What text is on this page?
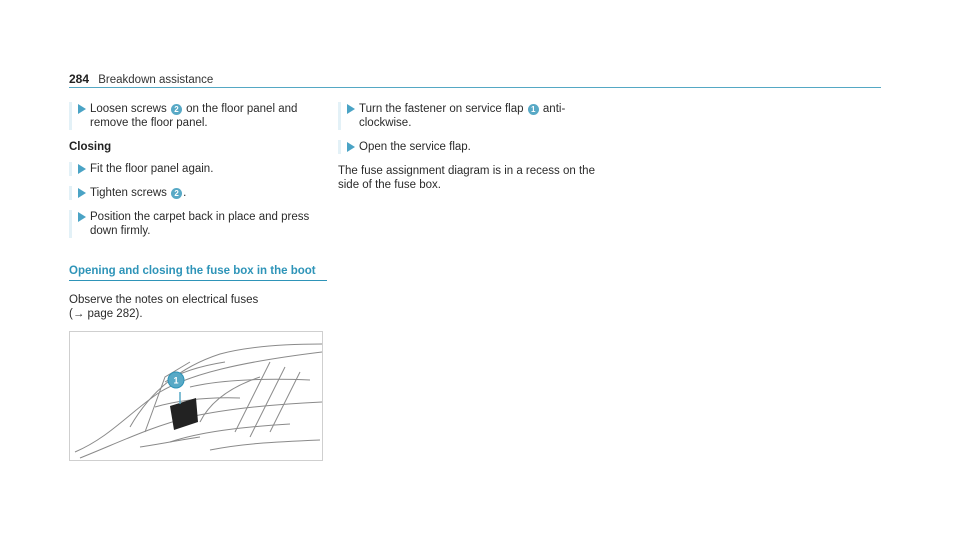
284 Breakdown assistance
Loosen screws 2 on the floor panel and remove the floor panel.
Closing
Fit the floor panel again.
Tighten screws 2 .
Position the carpet back in place and press down firmly.
Opening and closing the fuse box in the boot
Observe the notes on electrical fuses
(→ page 282).
1
Turn the fastener on service flap 1 anti-clockwise.
Open the service flap.
The fuse assignment diagram is in a recess on the side of the fuse box.
